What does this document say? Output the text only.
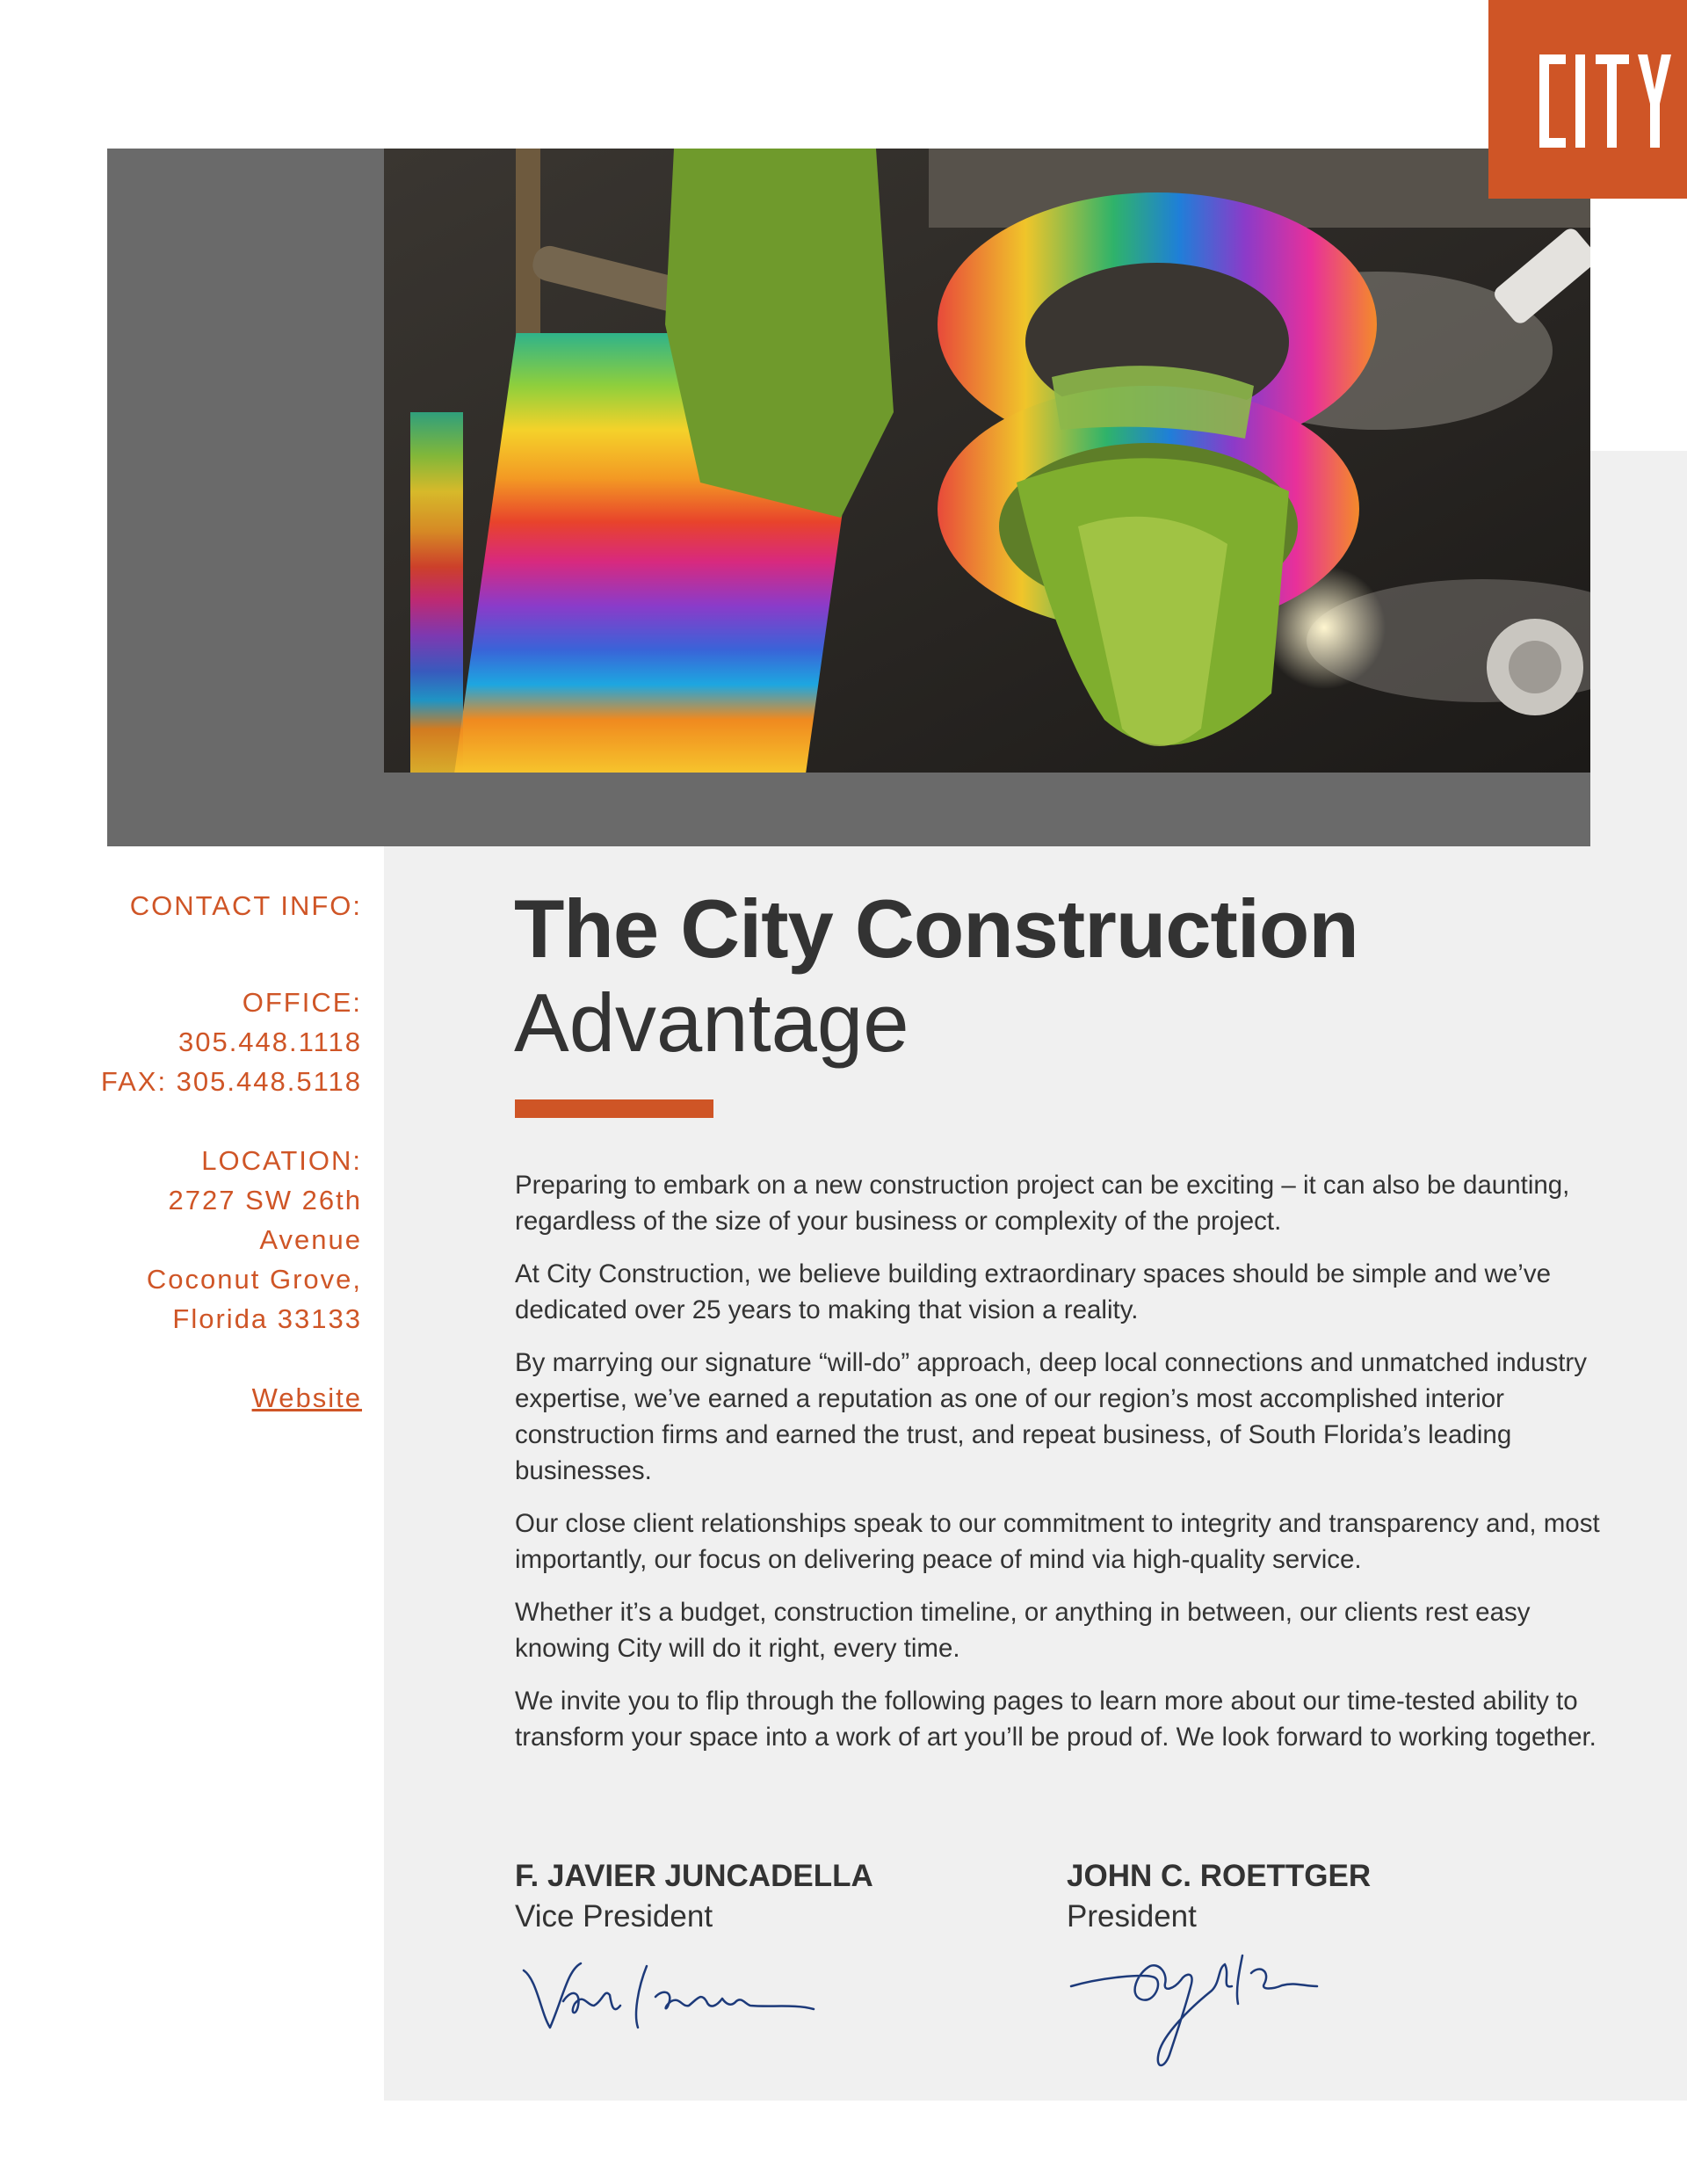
CONTACT INFO:
OFFICE:
305.448.1118
FAX: 305.448.5118
LOCATION:
2727 SW 26th
Avenue
Coconut Grove,
Florida 33133
Website
The City Construction
Advantage

Preparing to embark on a new construction project can be exciting – it can also be daunting, regardless of the size of your business or complexity of the project.

At City Construction, we believe building extraordinary spaces should be simple and we’ve dedicated over 25 years to making that vision a reality.

By marrying our signature “will-do” approach, deep local connections and unmatched industry expertise, we’ve earned a reputation as one of our region’s most accomplished interior construction firms and earned the trust, and repeat business, of South Florida’s leading businesses.

Our close client relationships speak to our commitment to integrity and transparency and, most importantly, our focus on delivering peace of mind via high-quality service.

Whether it’s a budget, construction timeline, or anything in between, our clients rest easy knowing City will do it right, every time.

We invite you to flip through the following pages to learn more about our time-tested ability to transform your space into a work of art you’ll be proud of. We look forward to working together.

F. JAVIER JUNCADELLA
Vice President
JOHN C. ROETTGER
President
